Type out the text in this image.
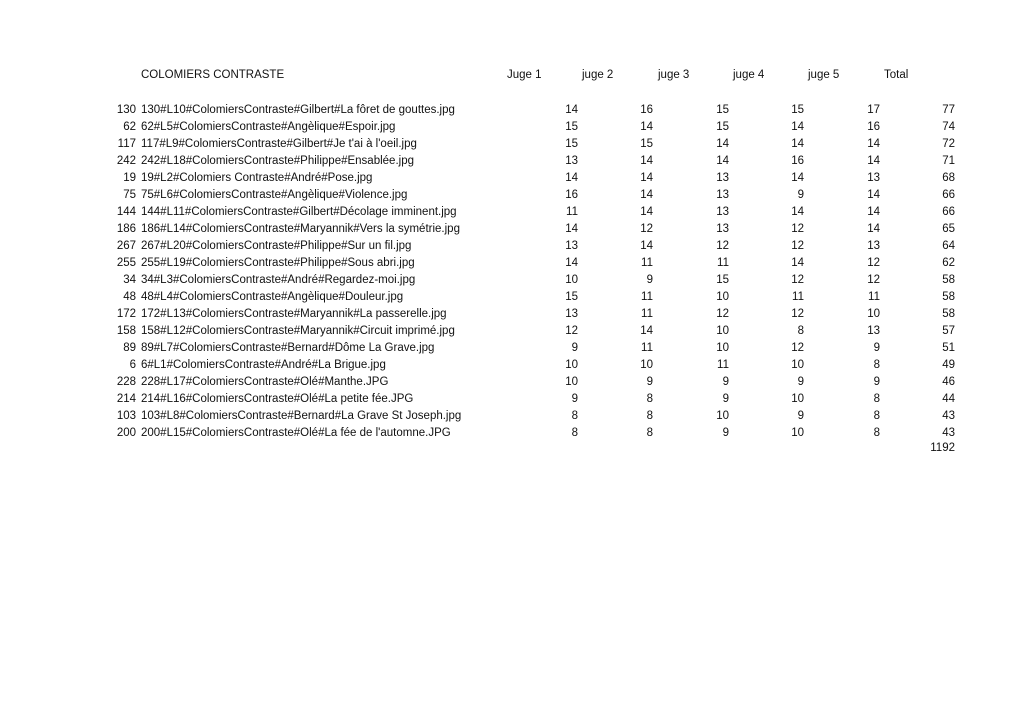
COLOMIERS CONTRASTE	Juge 1	juge 2	juge 3	juge 4	juge 5	Total
130 130#L10#ColomiersContraste#Gilbert#La fôret de gouttes.jpg	14	16	15	15	17	77
62 62#L5#ColomiersContraste#Angèlique#Espoir.jpg	15	14	15	14	16	74
117 117#L9#ColomiersContraste#Gilbert#Je t'ai à l'oeil.jpg	15	15	14	14	14	72
242 242#L18#ColomiersContraste#Philippe#Ensablée.jpg	13	14	14	16	14	71
19 19#L2#Colomiers Contraste#André#Pose.jpg	14	14	13	14	13	68
75 75#L6#ColomiersContraste#Angèlique#Violence.jpg	16	14	13	9	14	66
144 144#L11#ColomiersContraste#Gilbert#Décolage imminent.jpg	11	14	13	14	14	66
186 186#L14#ColomiersContraste#Maryannik#Vers la symétrie.jpg	14	12	13	12	14	65
267 267#L20#ColomiersContraste#Philippe#Sur un fil.jpg	13	14	12	12	13	64
255 255#L19#ColomiersContraste#Philippe#Sous abri.jpg	14	11	11	14	12	62
34 34#L3#ColomiersContraste#André#Regardez-moi.jpg	10	9	15	12	12	58
48 48#L4#ColomiersContraste#Angèlique#Douleur.jpg	15	11	10	11	11	58
172 172#L13#ColomiersContraste#Maryannik#La passerelle.jpg	13	11	12	12	10	58
158 158#L12#ColomiersContraste#Maryannik#Circuit imprimé.jpg	12	14	10	8	13	57
89 89#L7#ColomiersContraste#Bernard#Dôme La Grave.jpg	9	11	10	12	9	51
6 6#L1#ColomiersContraste#André#La Brigue.jpg	10	10	11	10	8	49
228 228#L17#ColomiersContraste#Olé#Manthe.JPG	10	9	9	9	9	46
214 214#L16#ColomiersContraste#Olé#La petite fée.JPG	9	8	9	10	8	44
103 103#L8#ColomiersContraste#Bernard#La Grave St Joseph.jpg	8	8	10	9	8	43
200 200#L15#ColomiersContraste#Olé#La fée de l'automne.JPG	8	8	9	10	8	43
1192
